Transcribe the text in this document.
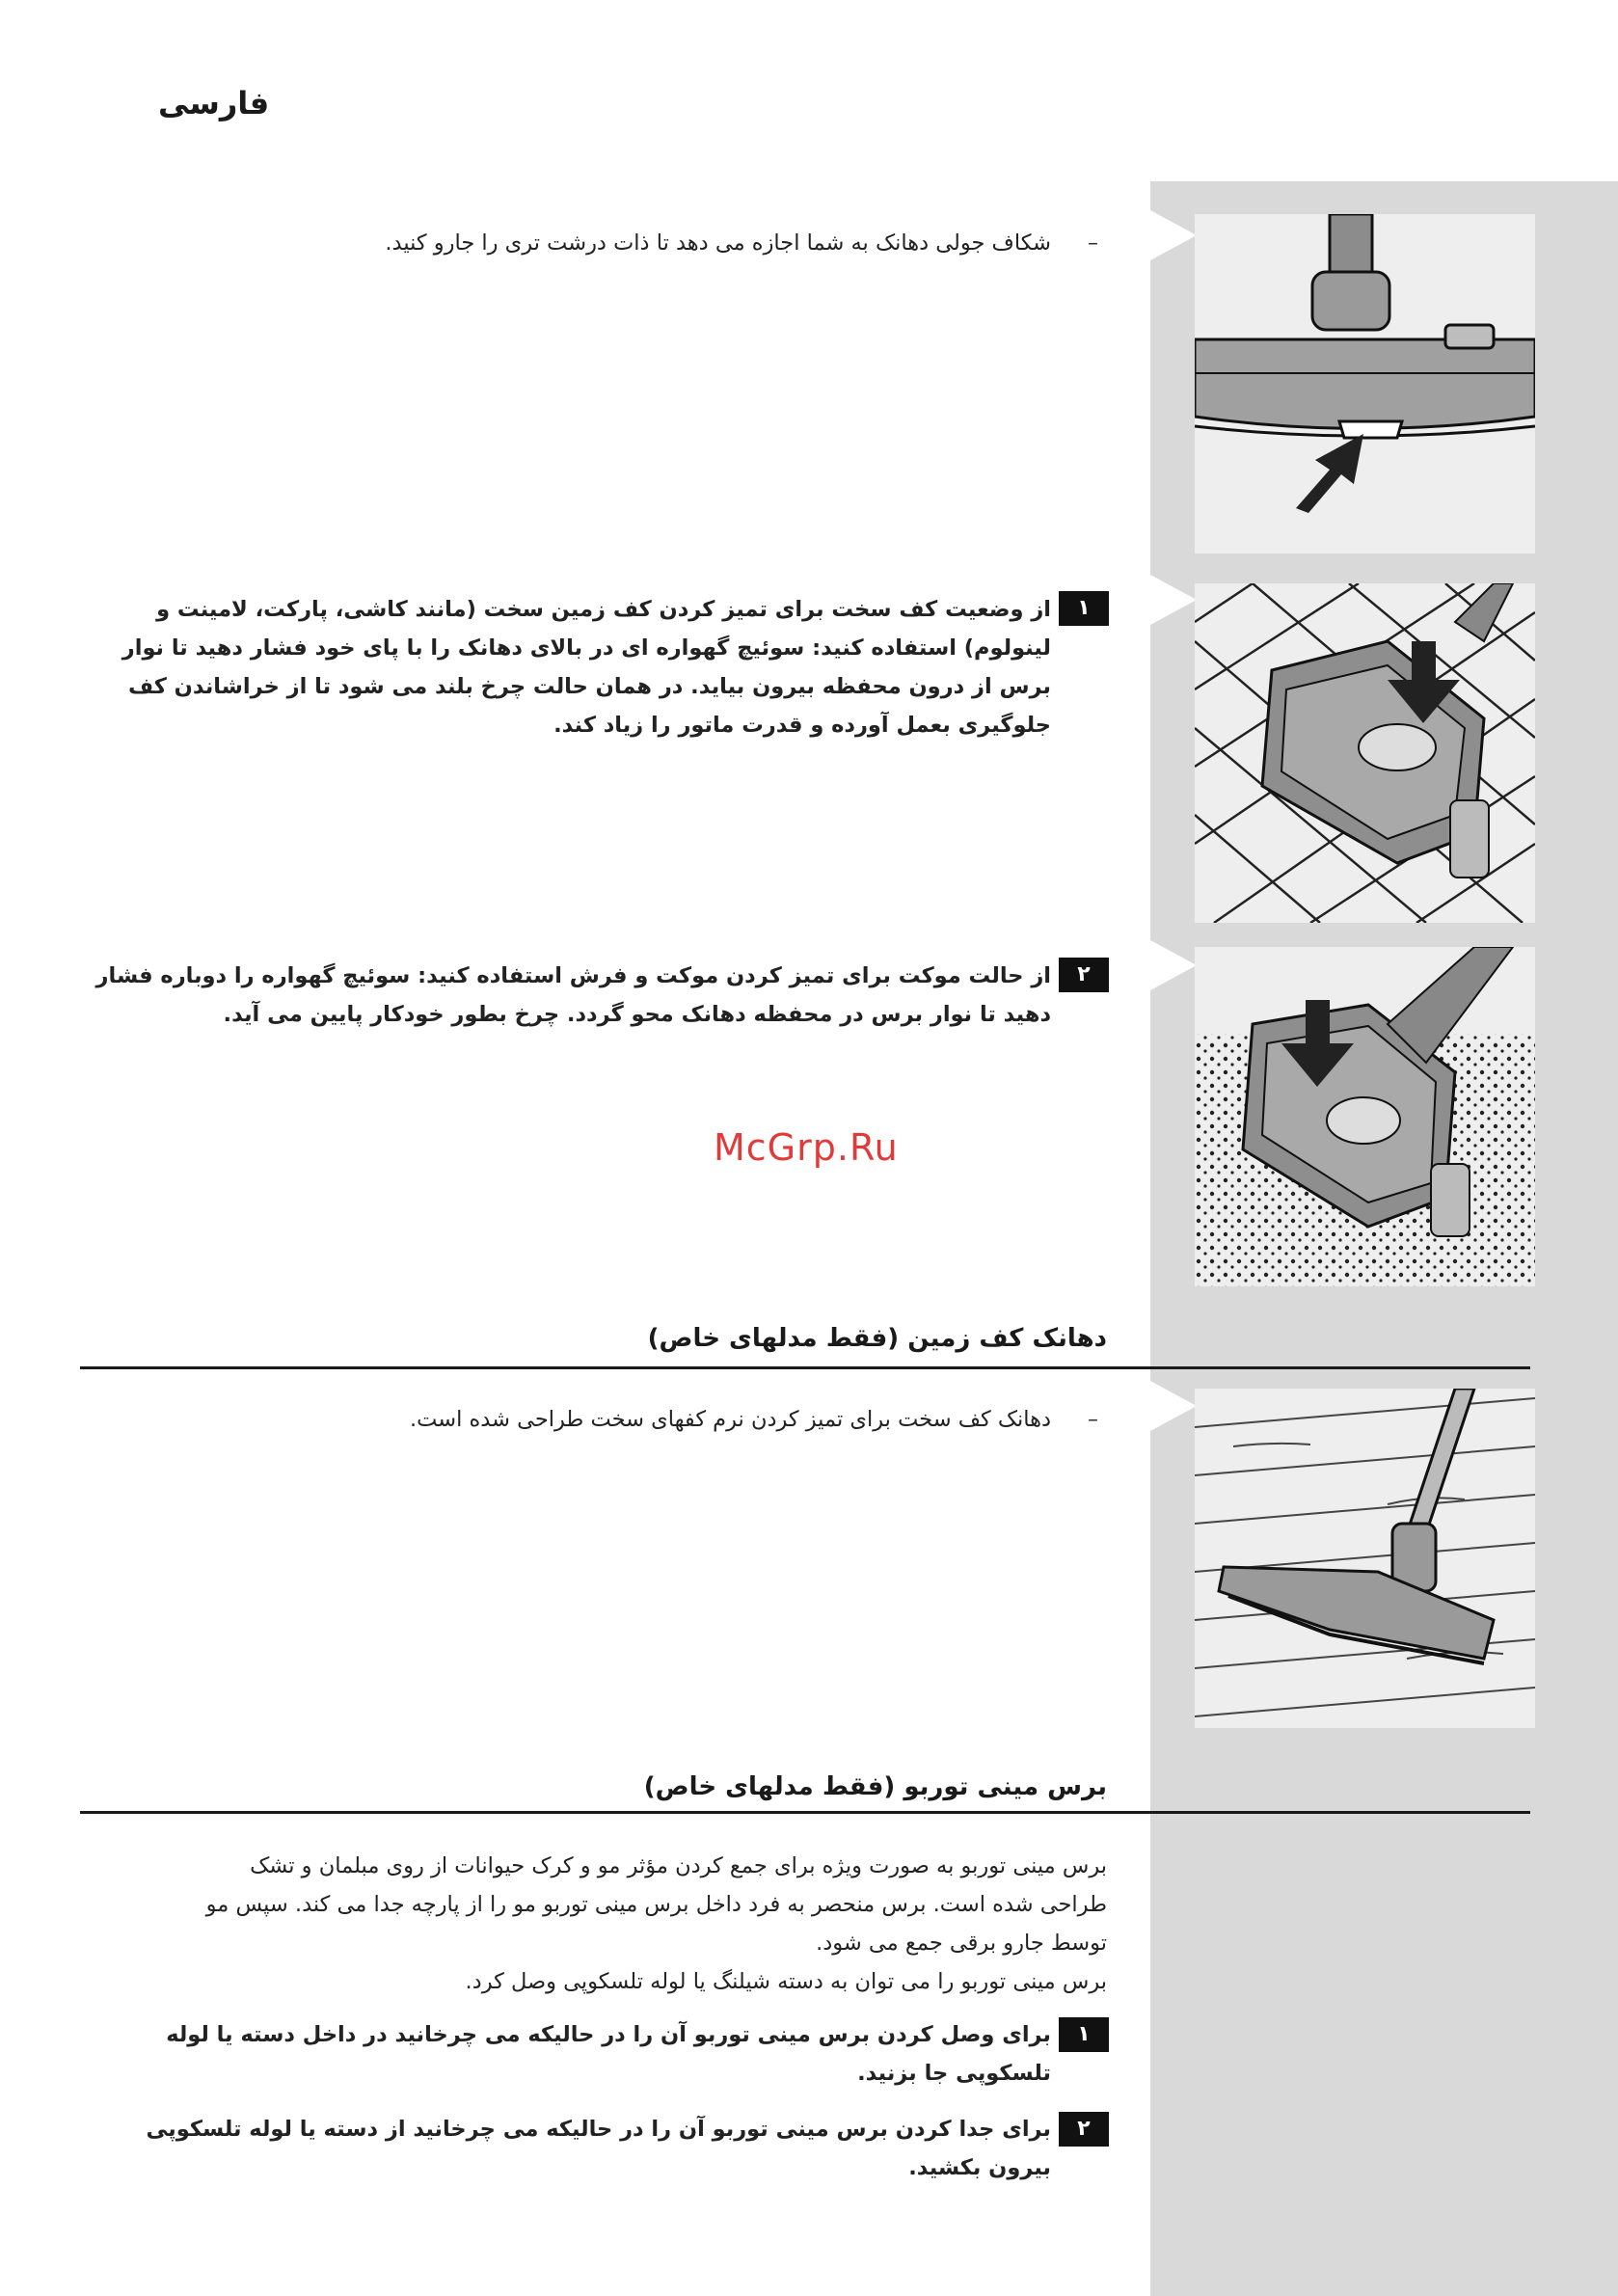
فارسی
–
شکاف جولی دهانک به شما اجازه می دهد تا ذات درشت تری را جارو کنید.
۱
از وضعیت کف سخت برای تمیز کردن کف زمین سخت (مانند کاشی، پارکت، لامینت و لینولوم) استفاده کنید: سوئیچ گهواره ای در بالای دهانک را با پای خود فشار دهید تا نوار برس از درون محفظه بیرون بیاید. در همان حالت چرخ بلند می شود تا از خراشاندن کف جلوگیری بعمل آورده و قدرت ماتور را زیاد کند.
۲
از حالت موکت برای تمیز کردن موکت و فرش استفاده کنید: سوئیچ گهواره را دوباره فشار دهید تا نوار برس در محفظه دهانک محو گردد. چرخ بطور خودکار پایین می آید.
McGrp.Ru
دهانک کف زمین (فقط مدلهای خاص)
–
دهانک کف سخت برای تمیز کردن نرم کفهای سخت طراحی شده است.
برس مینی توربو (فقط مدلهای خاص)
برس مینی توربو به صورت ویژه برای جمع کردن مؤثر مو و کرک حیوانات از روی مبلمان و تشک
طراحی شده است. برس منحصر به فرد داخل برس مینی توربو مو را از پارچه جدا می کند. سپس مو
توسط جارو برقی جمع می شود.
برس مینی توربو را می توان به دسته شیلنگ یا لوله تلسکوپی وصل کرد.
۱
برای وصل کردن برس مینی توربو آن را در حالیکه می چرخانید در داخل دسته یا لوله تلسکوپی جا بزنید.
۲
برای جدا کردن برس مینی توربو آن را در حالیکه می چرخانید از دسته یا لوله تلسکوپی بیرون بکشید.
